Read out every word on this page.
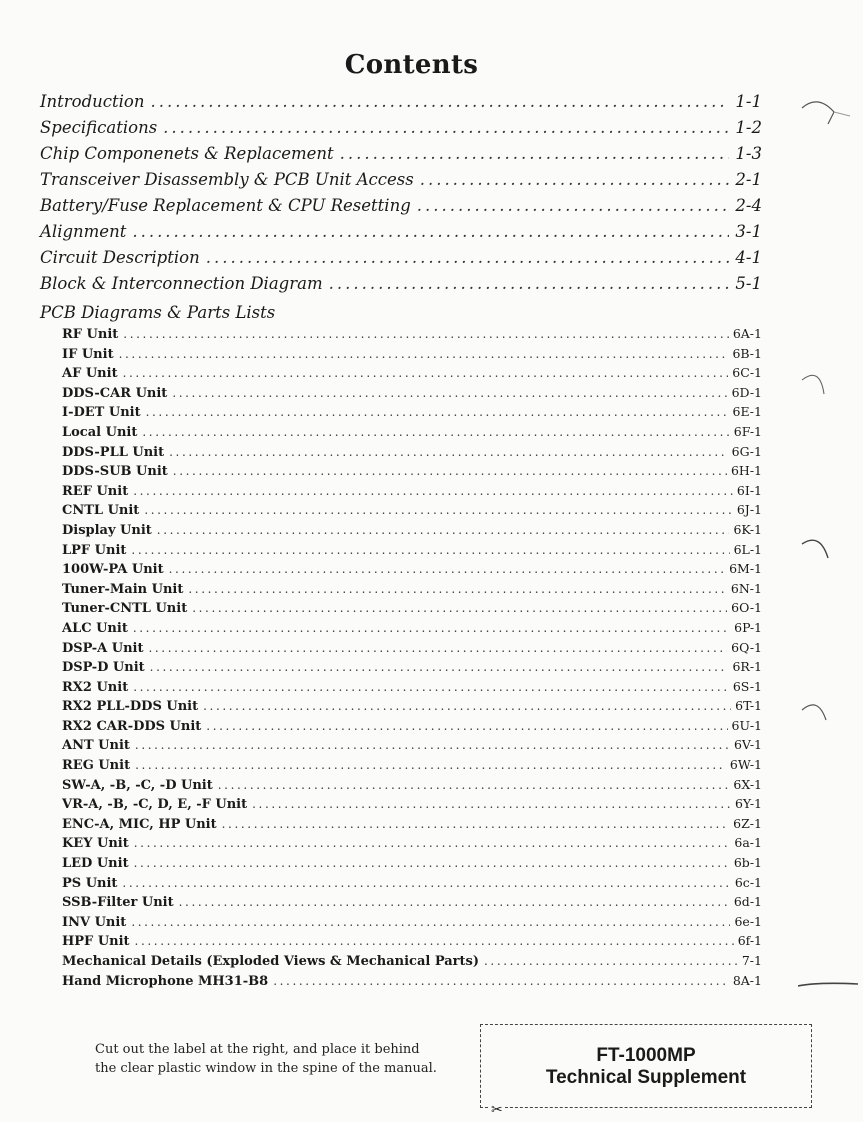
Contents
Introduction .....	1-1
Specifications .....	1-2
Chip Componenets & Replacement .....	1-3
Transceiver Disassembly & PCB Unit Access .....	2-1
Battery/Fuse Replacement & CPU Resetting .....	2-4
Alignment .....	3-1
Circuit Description .....	4-1
Block & Interconnection Diagram .....	5-1
PCB Diagrams & Parts Lists
RF Unit .....	6A-1
IF Unit .....	6B-1
AF Unit .....	6C-1
DDS-CAR Unit .....	6D-1
I-DET Unit .....	6E-1
Local Unit .....	6F-1
DDS-PLL Unit .....	6G-1
DDS-SUB Unit .....	6H-1
REF Unit .....	6I-1
CNTL Unit .....	6J-1
Display Unit .....	6K-1
LPF Unit .....	6L-1
100W-PA Unit .....	6M-1
Tuner-Main Unit .....	6N-1
Tuner-CNTL Unit .....	6O-1
ALC Unit .....	6P-1
DSP-A Unit .....	6Q-1
DSP-D Unit .....	6R-1
RX2 Unit .....	6S-1
RX2 PLL-DDS Unit .....	6T-1
RX2 CAR-DDS Unit .....	6U-1
ANT Unit .....	6V-1
REG Unit .....	6W-1
SW-A, -B, -C, -D Unit .....	6X-1
VR-A, -B, -C, D, E, -F Unit .....	6Y-1
ENC-A, MIC, HP Unit .....	6Z-1
KEY Unit .....	6a-1
LED Unit .....	6b-1
PS Unit .....	6c-1
SSB-Filter Unit .....	6d-1
INV Unit .....	6e-1
HPF Unit .....	6f-1
Mechanical Details (Exploded Views & Mechanical Parts) .....	7-1
Hand Microphone MH31-B8 .....	8A-1
Cut out the label at the right, and place it behind the clear plastic window in the spine of the manual.
FT-1000MP
Technical Supplement
✂
